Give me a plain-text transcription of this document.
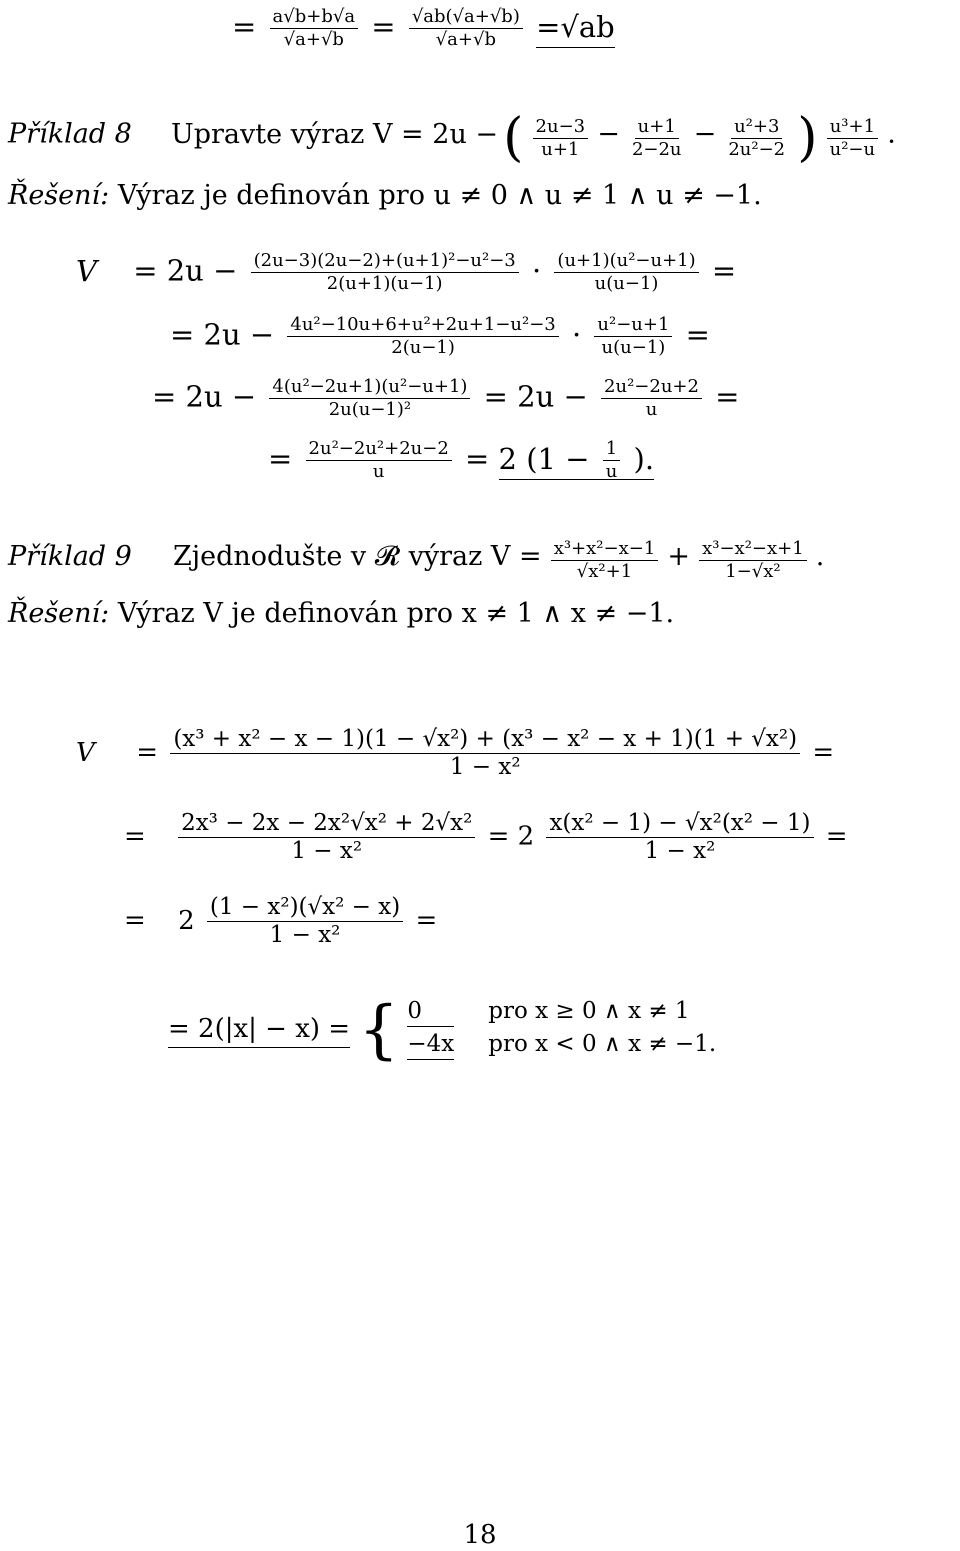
= $\frac{a√b+b√a}{√a+√b} = \frac{√ab(√a+√b)}{√a+√b} =√ab$
Příklad 8 Upravte výraz V = 2u − ( $\frac{2u-3}{u+1} - \frac{u+1}{2-2u} - \frac{\text{u²+3}}{\text{2u²−2}}$ ) $\frac{\text{u³+1}}{\text{u²−u}}$ .
Řešení: Výraz je definován pro u ≠ 0 ∧ u ≠ 1 ∧ u ≠ −1.
$V = 2u - \frac{\text{(2u−3)(2u−2)+(u+1)²−u²−3}}{2(u+1)(u-1)} \cdot \frac{\text{(u+1)(u²−u+1)}}{u(u-1)}$ =
= $2u - \frac{\text{4u²−10u+6+u²+2u+1−u²−3}}{2(u-1)} \cdot \frac{\text{u²−u+1}}{u(u-1)}$ =
= $2u - \frac{\text{4(u²−2u+1)(u²−u+1)}}{\text{2u(u−1)²}} = 2u - \frac{\text{2u²−2u+2}}{u}$ =
= $\frac{\text{2u²−2u²+2u−2}}{u} = 2$ ($1 - \frac{1}{u}$ ).
Příklad 9 Zjednodušte v 𝓡 výraz $V = \frac{\text{x³+x²−x−1}}{\text{√x²+1}} + \frac{\text{x³−x²−x+1}}{\text{1−√x²}}$ .
Řešení: Výraz V je definován pro x ≠ 1 ∧ x ≠ −1.
$V = \frac{\text{(x³ + x² − x − 1)(1 − √x²) + (x³ − x² − x + 1)(1 + √x²)}}{\text{1 − x²}}$ =
= $\frac{\text{2x³ − 2x − 2x²√x² + 2√x²}}{\text{1 − x²}} = 2 \frac{\text{x(x² − 1) − √x²(x² − 1)}}{\text{1 − x²}}$ =
= $2 \frac{\text{(1 − x²)(√x² − x)}}{\text{1 − x²}}$ =
= 2(|x| − x) = { 0	pro x ≥ 0 ∧ x ≠ 1
−4x pro x < 0 ∧ x ≠ −1.
18
